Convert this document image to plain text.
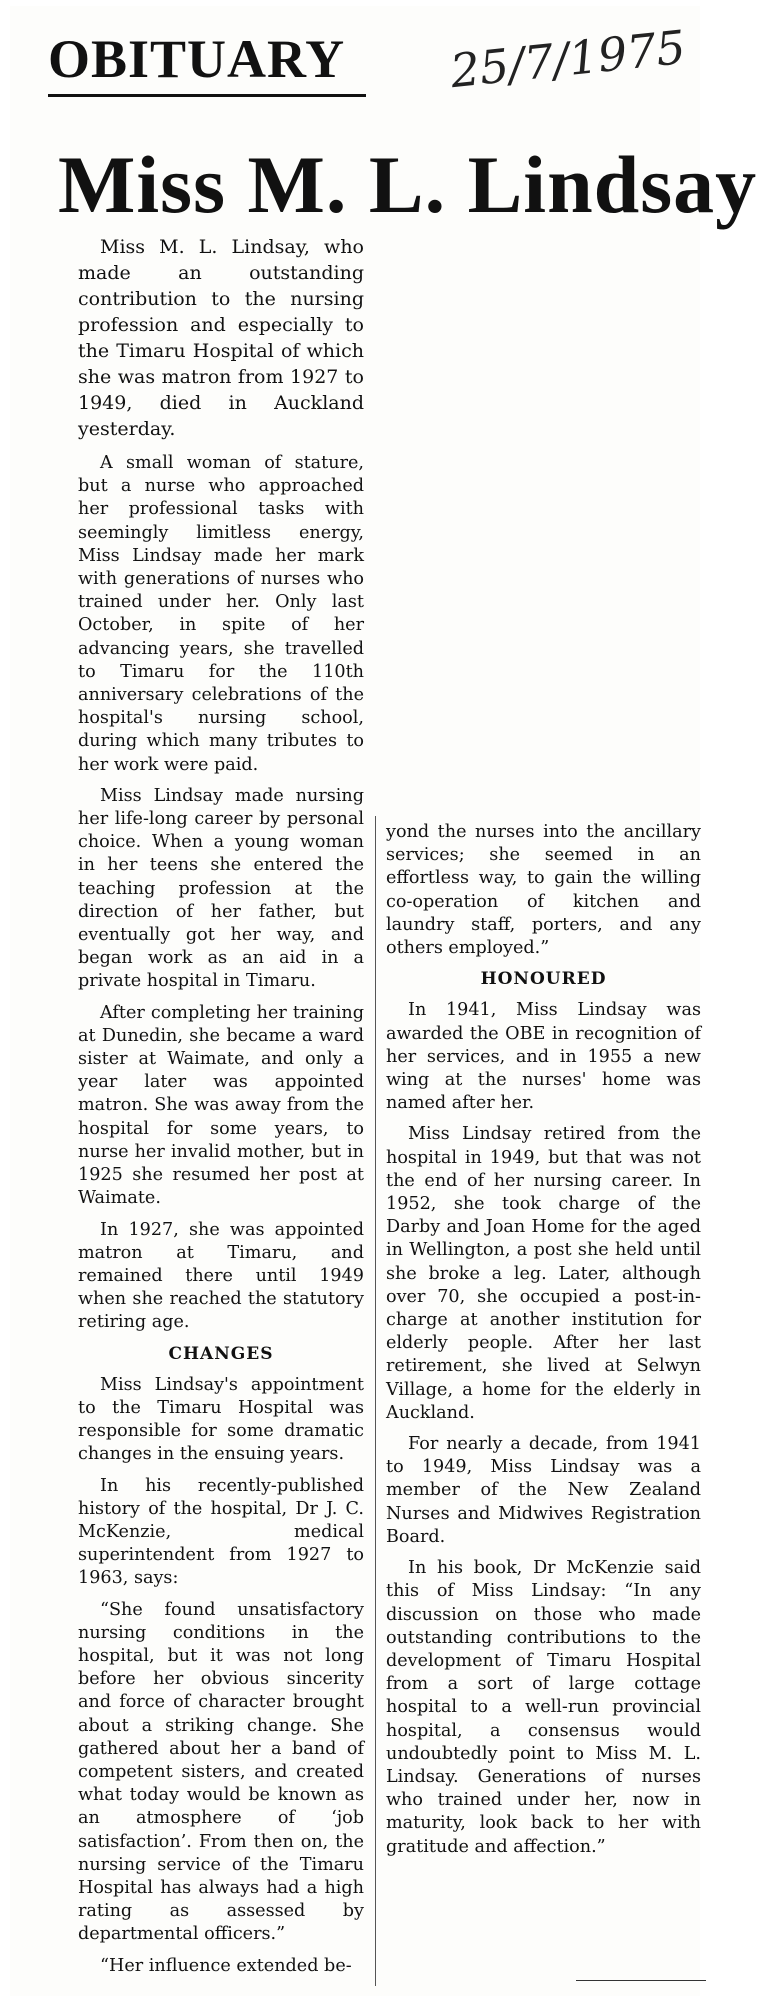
OBITUARY 25/7/1975

Miss M. L. Lindsay

Miss M. L. Lindsay, who made an outstanding contribution to the nursing profession and especially to the Timaru Hospital of which she was matron from 1927 to 1949, died in Auckland yesterday.

A small woman of stature, but a nurse who approached her professional tasks with seemingly limitless energy, Miss Lindsay made her mark with generations of nurses who trained under her. Only last October, in spite of her advancing years, she travelled to Timaru for the 110th anniversary celebrations of the hospital's nursing school, during which many tributes to her work were paid.

Miss Lindsay made nursing her life-long career by personal choice. When a young woman in her teens she entered the teaching profession at the direction of her father, but eventually got her way, and began work as an aid in a private hospital in Timaru.

After completing her training at Dunedin, she became a ward sister at Waimate, and only a year later was appointed matron. She was away from the hospital for some years, to nurse her invalid mother, but in 1925 she resumed her post at Waimate.

In 1927, she was appointed matron at Timaru, and remained there until 1949 when she reached the statutory retiring age.

CHANGES

Miss Lindsay's appointment to the Timaru Hospital was responsible for some dramatic changes in the ensuing years.

In his recently-published history of the hospital, Dr J. C. McKenzie, medical superintendent from 1927 to 1963, says:

“She found unsatisfactory nursing conditions in the hospital, but it was not long before her obvious sincerity and force of character brought about a striking change. She gathered about her a band of competent sisters, and created what today would be known as an atmosphere of ‘job satisfaction’. From then on, the nursing service of the Timaru Hospital has always had a high rating as assessed by departmental officers.”

“Her influence extended be-

yond the nurses into the ancillary services; she seemed in an effortless way, to gain the willing co-operation of kitchen and laundry staff, porters, and any others employed.”

HONOURED

In 1941, Miss Lindsay was awarded the OBE in recognition of her services, and in 1955 a new wing at the nurses' home was named after her.

Miss Lindsay retired from the hospital in 1949, but that was not the end of her nursing career. In 1952, she took charge of the Darby and Joan Home for the aged in Wellington, a post she held until she broke a leg. Later, although over 70, she occupied a post-in-charge at another institution for elderly people. After her last retirement, she lived at Selwyn Village, a home for the elderly in Auckland.

For nearly a decade, from 1941 to 1949, Miss Lindsay was a member of the New Zealand Nurses and Midwives Registration Board.

In his book, Dr McKenzie said this of Miss Lindsay: “In any discussion on those who made outstanding contributions to the development of Timaru Hospital from a sort of large cottage hospital to a well-run provincial hospital, a consensus would undoubtedly point to Miss M. L. Lindsay. Generations of nurses who trained under her, now in maturity, look back to her with gratitude and affection.”
